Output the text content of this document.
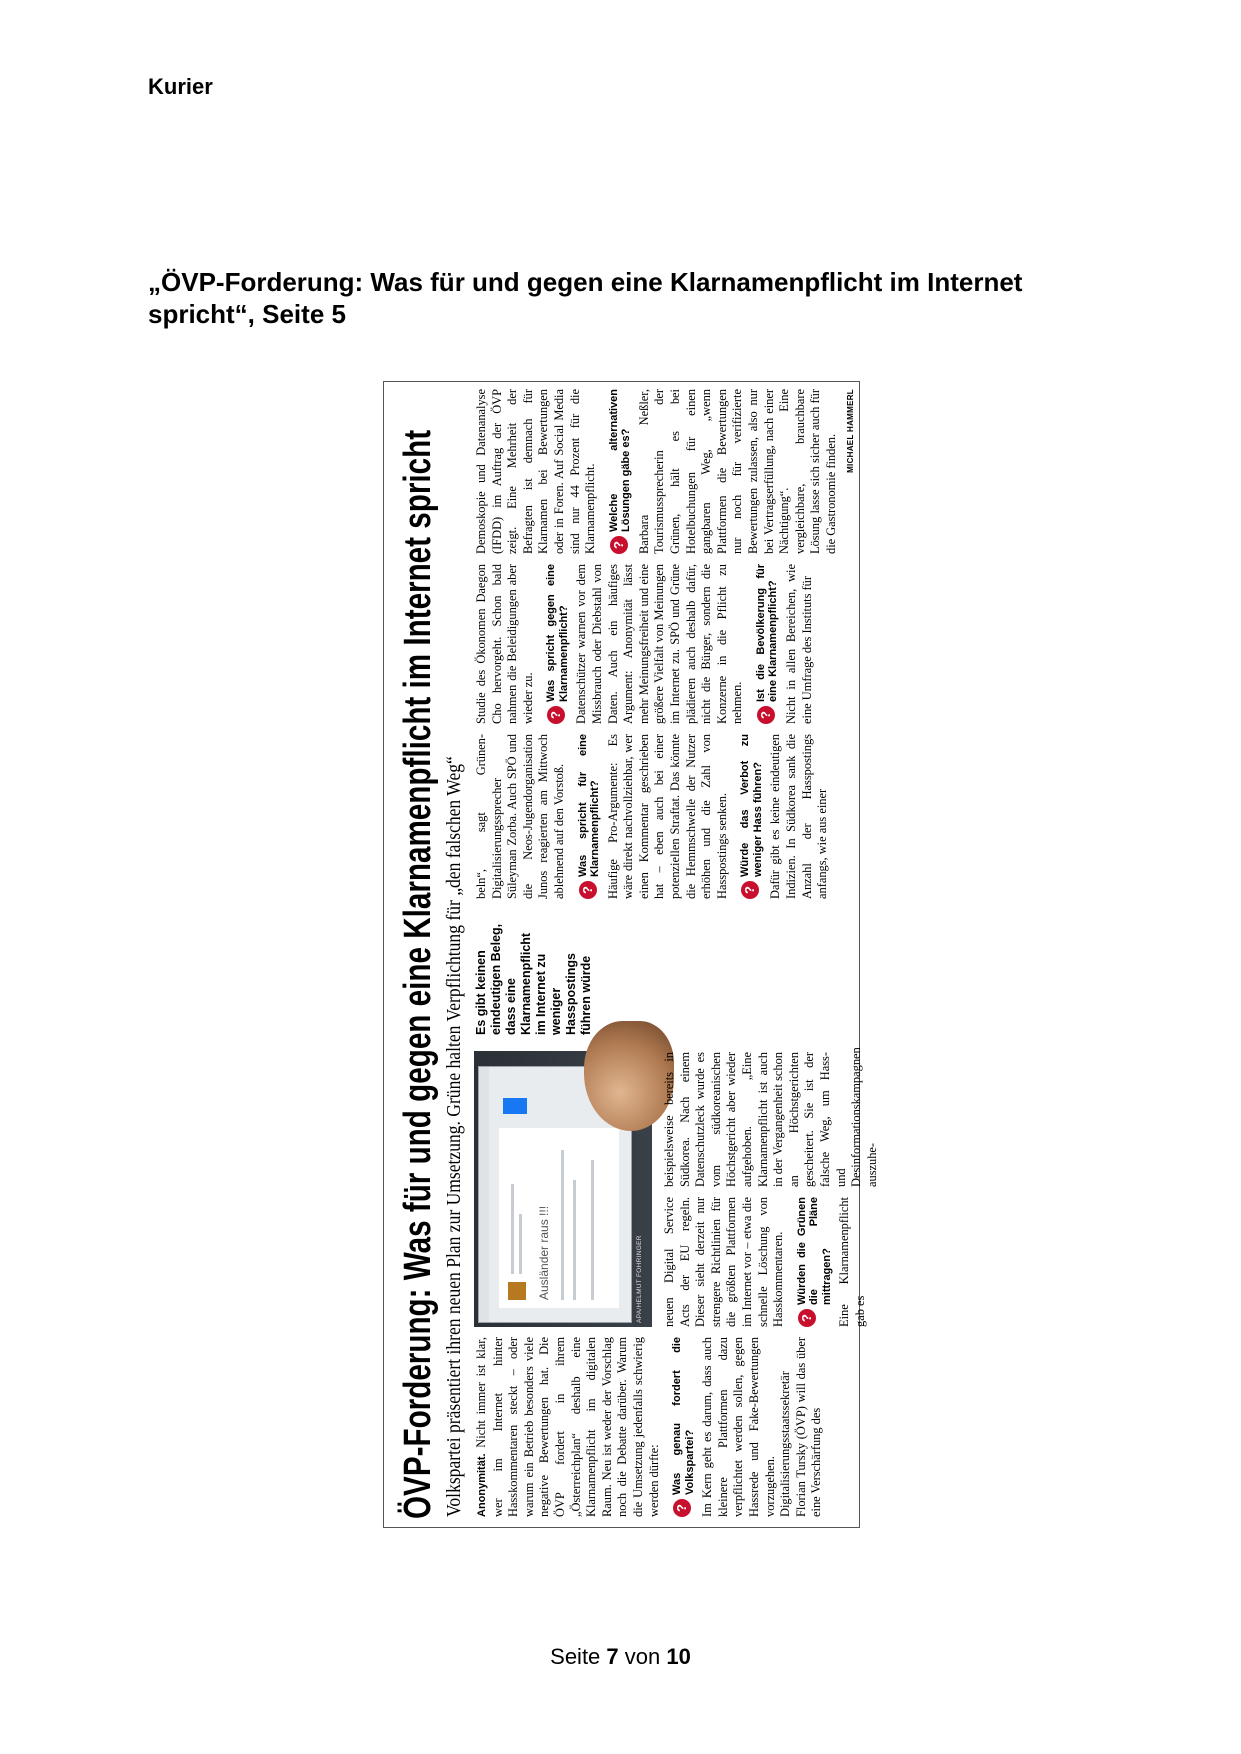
Kurier
„ÖVP-Forderung: Was für und gegen eine Klarnamenpflicht im Internet spricht“, Seite 5
ÖVP-Forderung: Was für und gegen eine Klarnamenpflicht im Internet spricht Volkspartei präsentiert ihren neuen Plan zur Umsetzung. Grüne halten Verpflichtung für „den falschen Weg“ Anonymität. Nicht immer ist klar, wer im Internet hinter Hasskommentaren steckt – oder warum ein Betrieb besonders viele negative Bewertungen hat. Die ÖVP fordert in ihrem „Österreichplan“ deshalb eine Klarnamenpflicht im digitalen Raum. Neu ist weder der Vorschlag noch die Debatte darüber. Warum die Umsetzung jedenfalls schwierig werden dürfte: ?
Was genau fordert die Volkspartei? Im Kern geht es darum, dass auch kleinere Plattformen dazu verpflichtet werden sollen, gegen Hassrede und Fake-Bewertungen vorzugehen. Digitalisierungsstaatssekretär Florian Tursky (ÖVP) will das über eine Verschärfung des

Ausländer raus !!!	APA/HELMUT FOHRINGER neuen Digital Service Acts der EU regeln. Dieser sieht derzeit nur strengere Richtlinien für die größten Plattformen im Internet vor – etwa die schnelle Löschung von Hasskommentaren. ?
Würden die Grünen die Pläne mittragen? Eine Klarnamenpflicht gab es

beispielsweise bereits in Südkorea. Nach einem Datenschutzleck wurde es vom südkoreanischen Höchstgericht aber wieder aufgehoben. „Eine Klarnamenpflicht ist auch in der Vergangenheit schon an Höchstgerichten gescheitert. Sie ist der falsche Weg, um Hass- und Desinformationskampagnen auszuhe-

Es gibt keinen eindeutigen Beleg, dass eine Klarnamenpflicht im Internet zu weniger Hasspostings führen würde

beln“, sagt Grünen-Digitalisierungssprecher Süleyman Zorba. Auch SPÖ und die Neos-Jugendorganisation Junos reagierten am Mittwoch ablehnend auf den Vorstoß. ?
Was spricht für eine Klarnamenpflicht? Häufige Pro-Argumente: Es wäre direkt nachvollziehbar, wer einen Kommentar geschrieben hat – eben auch bei einer potenziellen Straftat. Das könnte die Hemmschwelle der Nutzer erhöhen und die Zahl von Hasspostings senken. ?
Würde das Verbot zu weniger Hass führen? Dafür gibt es keine eindeutigen Indizien. In Südkorea sank die Anzahl der Hasspostings anfangs, wie aus einer

Studie des Ökonomen Daegon Cho hervorgeht. Schon bald nahmen die Beleidigungen aber wieder zu. ?
Was spricht gegen eine Klarnamenpflicht? Datenschützer warnen vor dem Missbrauch oder Diebstahl von Daten. Auch ein häufiges Argument: Anonymität lässt mehr Meinungsfreiheit und eine größere Vielfalt von Meinungen im Internet zu. SPÖ und Grüne plädieren auch deshalb dafür, nicht die Bürger, sondern die Konzerne in die Pflicht zu nehmen. ?
Ist die Bevölkerung für eine Klarnamenpflicht? Nicht in allen Bereichen, wie eine Umfrage des Instituts für

Demoskopie und Datenanalyse (IFDD) im Auftrag der ÖVP zeigt. Eine Mehrheit der Befragten ist demnach für Klarnamen bei Bewertungen oder in Foren. Auf Social Media sind nur 44 Prozent für die Klarnamenpflicht. ?
Welche alternativen Lösungen gäbe es? Barbara Neßler, Tourismussprecherin der Grünen, hält es bei Hotelbuchungen für einen gangbaren Weg, „wenn Plattformen die Bewertungen nur noch für verifizierte Bewertungen zulassen, also nur bei Vertragserfüllung, nach einer Nächtigung“. Eine vergleichbare, brauchbare Lösung lasse sich sicher auch für die Gastronomie finden.

MICHAEL HAMMERL
Seite 7 von 10
